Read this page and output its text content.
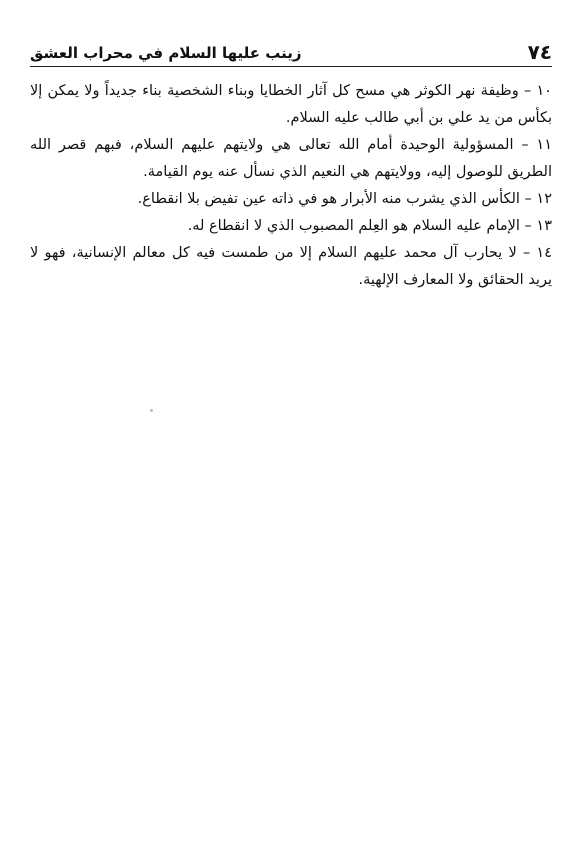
٧٤
زينب عليها السلام في محراب العشق

١٠ – وظيفة نهر الكوثر هي مسح كل آثار الخطايا وبناء الشخصية بناء جديداً ولا يمكن إلا بكأس من يد علي بن أبي طالب عليه السلام.

١١ – المسؤولية الوحيدة أمام الله تعالى هي ولايتهم عليهم السلام، فبهم قصر الله الطريق للوصول إليه، وولايتهم هي النعيم الذي نسأل عنه يوم القيامة.

١٢ – الكأس الذي يشرب منه الأبرار هو في ذاته عين تفيض بلا انقطاع.

١٣ – الإمام عليه السلام هو العِلم المصبوب الذي لا انقطاع له.

١٤ – لا يحارب آل محمد عليهم السلام إلا من طمست فيه كل معالم الإنسانية، فهو لا يريد الحقائق ولا المعارف الإلهية.
